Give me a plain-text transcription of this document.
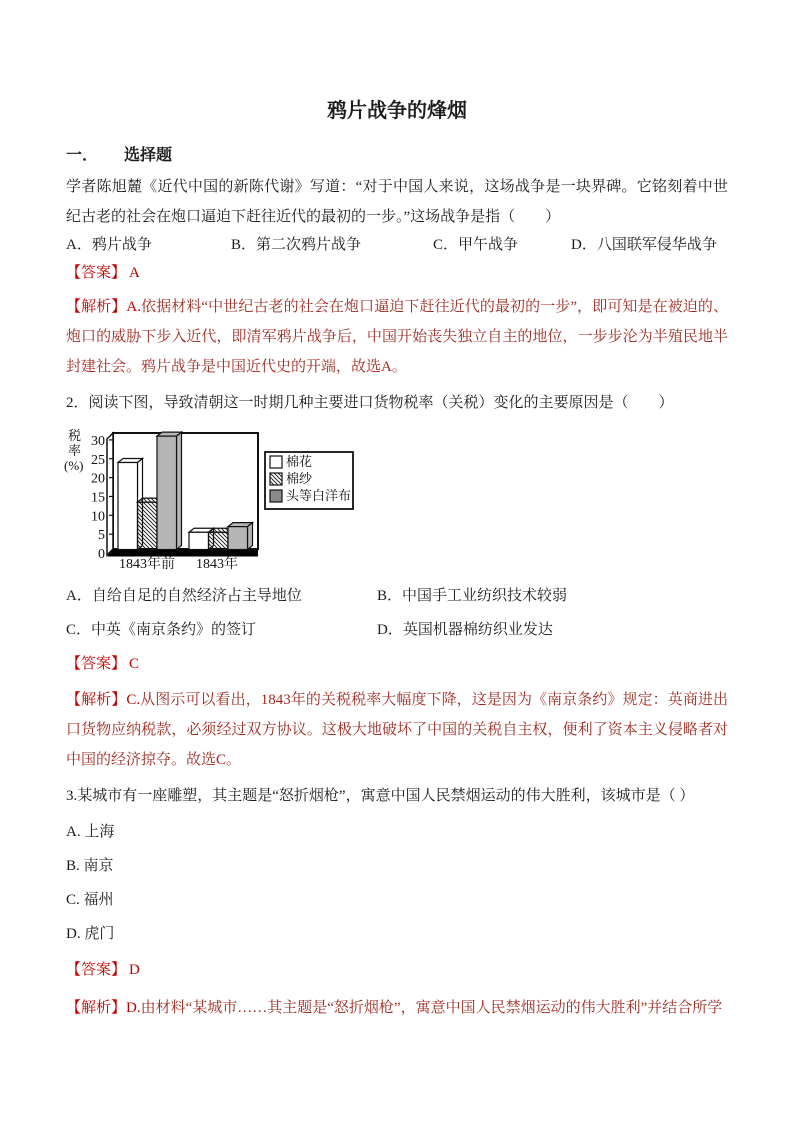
鸦片战争的烽烟
一． 选择题

学者陈旭麓《近代中国的新陈代谢》写道：“对于中国人来说，这场战争是一块界碑。它铭刻着中世纪古老的社会在炮口逼迫下赶往近代的最初的一步。”这场战争是指（　　）

A．鸦片战争	B．第二次鸦片战争	C．甲午战争	D．八国联军侵华战争

【答案】 A

【解析】A.依据材料“中世纪古老的社会在炮口逼迫下赶往近代的最初的一步”，即可知是在被迫的、炮口的威胁下步入近代，即清军鸦片战争后，中国开始丧失独立自主的地位，一步步沦为半殖民地半封建社会。鸦片战争是中国近代史的开端，故选A。

2．阅读下图，导致清朝这一时期几种主要进口货物税率（关税）变化的主要原因是（　　）

0
5
10
15
20
25
30
税
率
(%)
1843年前 1843年
棉花
棉纱
头等白洋布
A．自给自足的自然经济占主导地位	B．中国手工业纺织技术较弱
C．中英《南京条约》的签订	D．英国机器棉纺织业发达

【答案】 C

【解析】C.从图示可以看出，1843年的关税税率大幅度下降，这是因为《南京条约》规定：英商进出口货物应纳税款，必须经过双方协议。这极大地破坏了中国的关税自主权，便利了资本主义侵略者对中国的经济掠夺。故选C。

3.某城市有一座雕塑，其主题是“怒折烟枪”，寓意中国人民禁烟运动的伟大胜利，该城市是（ ）

A. 上海
B. 南京
C. 福州
D. 虎门

【答案】 D

【解析】D.由材料“某城市……其主题是“怒折烟枪”，寓意中国人民禁烟运动的伟大胜利”并结合所学
